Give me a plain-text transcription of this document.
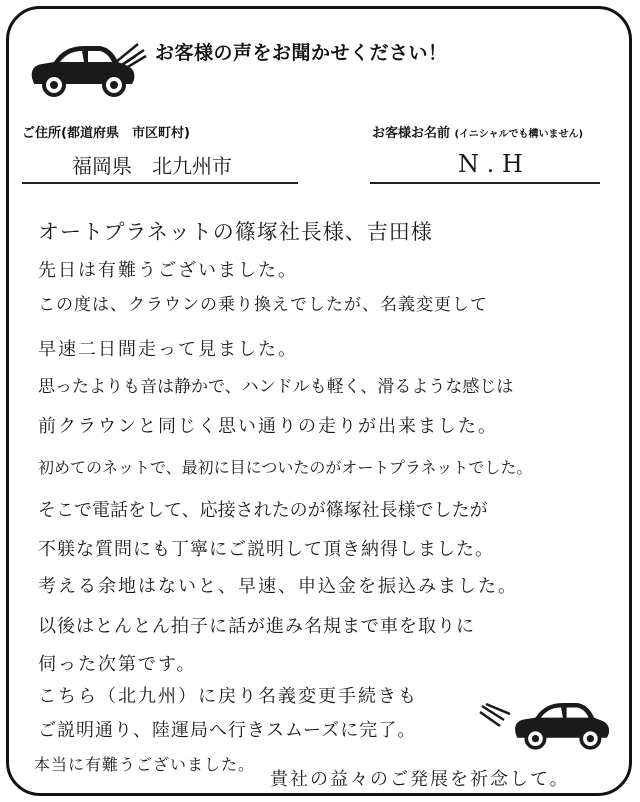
お客様の声をお聞かせください！
ご住所(都道府県　市区町村)
福岡県　北九州市
お客様お名前 (イニシャルでも構いません)
N . H
オートプラネットの篠塚社長様、吉田様
先日は有難うございました。
この度は、クラウンの乗り換えでしたが、名義変更して
早速二日間走って見ました。
思ったよりも音は静かで、ハンドルも軽く、滑るような感じは
前クラウンと同じく思い通りの走りが出来ました。
初めてのネットで、最初に目についたのがオートプラネットでした。
そこで電話をして、応接されたのが篠塚社長様でしたが
不躾な質問にも丁寧にご説明して頂き納得しました。
考える余地はないと、早速、申込金を振込みました。
以後はとんとん拍子に話が進み名規まで車を取りに
伺った次第です。
こちら（北九州）に戻り名義変更手続きも
ご説明通り、陸運局へ行きスムーズに完了。
本当に有難うございました。
貴社の益々のご発展を祈念して。
